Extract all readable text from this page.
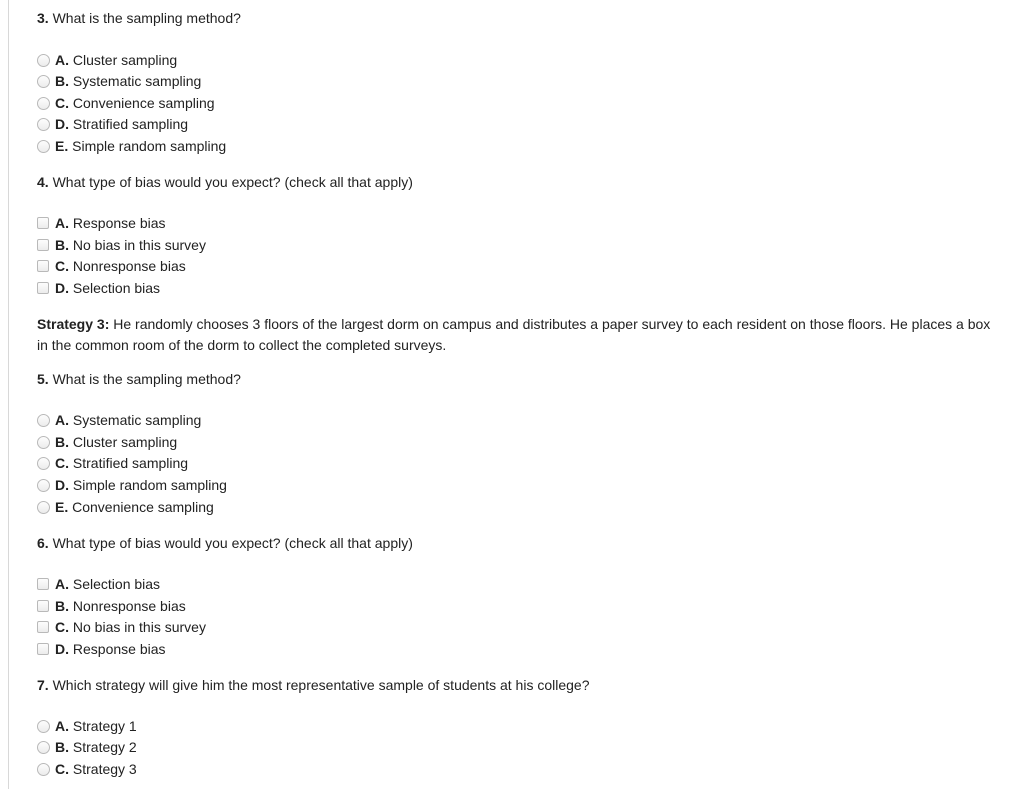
3. What is the sampling method?
A.
Cluster sampling
B.
Systematic sampling
C.
Convenience sampling
D.
Stratified sampling
E.
Simple random sampling
4. What type of bias would you expect? (check all that apply)
A.
Response bias
B.
No bias in this survey
C.
Nonresponse bias
D.
Selection bias
Strategy 3: He randomly chooses 3 floors of the largest dorm on campus and distributes a paper survey to each resident on those floors. He places a box in the common room of the dorm to collect the completed surveys.
5. What is the sampling method?
A.
Systematic sampling
B.
Cluster sampling
C.
Stratified sampling
D.
Simple random sampling
E.
Convenience sampling
6. What type of bias would you expect? (check all that apply)
A.
Selection bias
B.
Nonresponse bias
C.
No bias in this survey
D.
Response bias
7. Which strategy will give him the most representative sample of students at his college?
A.
Strategy 1
B.
Strategy 2
C.
Strategy 3
